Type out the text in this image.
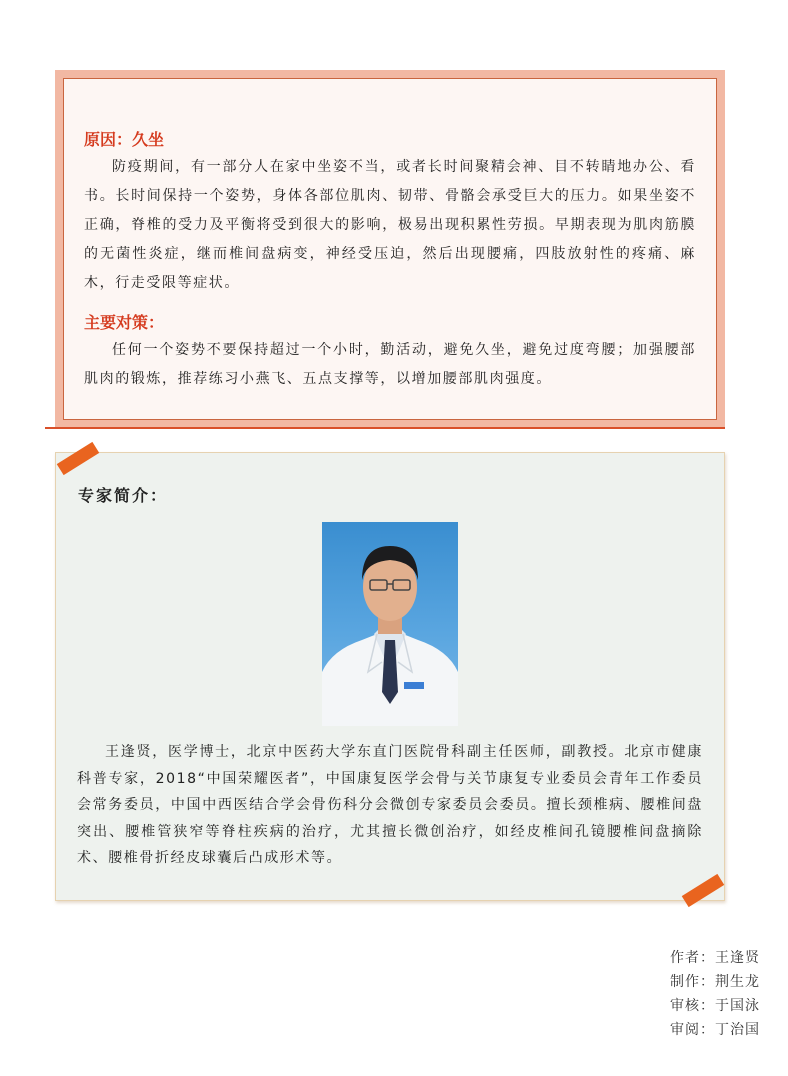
原因：久坐

防疫期间，有一部分人在家中坐姿不当，或者长时间聚精会神、目不转睛地办公、看书。长时间保持一个姿势，身体各部位肌肉、韧带、骨骼会承受巨大的压力。如果坐姿不正确，脊椎的受力及平衡将受到很大的影响，极易出现积累性劳损。早期表现为肌肉筋膜的无菌性炎症，继而椎间盘病变，神经受压迫，然后出现腰痛，四肢放射性的疼痛、麻木，行走受限等症状。

主要对策：

任何一个姿势不要保持超过一个小时，勤活动，避免久坐，避免过度弯腰；加强腰部肌肉的锻炼，推荐练习小燕飞、五点支撑等，以增加腰部肌肉强度。

专家简介：

王逢贤，医学博士，北京中医药大学东直门医院骨科副主任医师，副教授。北京市健康科普专家，2018“中国荣耀医者”，中国康复医学会骨与关节康复专业委员会青年工作委员会常务委员，中国中西医结合学会骨伤科分会微创专家委员会委员。擅长颈椎病、腰椎间盘突出、腰椎管狭窄等脊柱疾病的治疗，尤其擅长微创治疗，如经皮椎间孔镜腰椎间盘摘除术、腰椎骨折经皮球囊后凸成形术等。

作者：王逢贤
制作：荆生龙
审核：于国泳
审阅：丁治国
